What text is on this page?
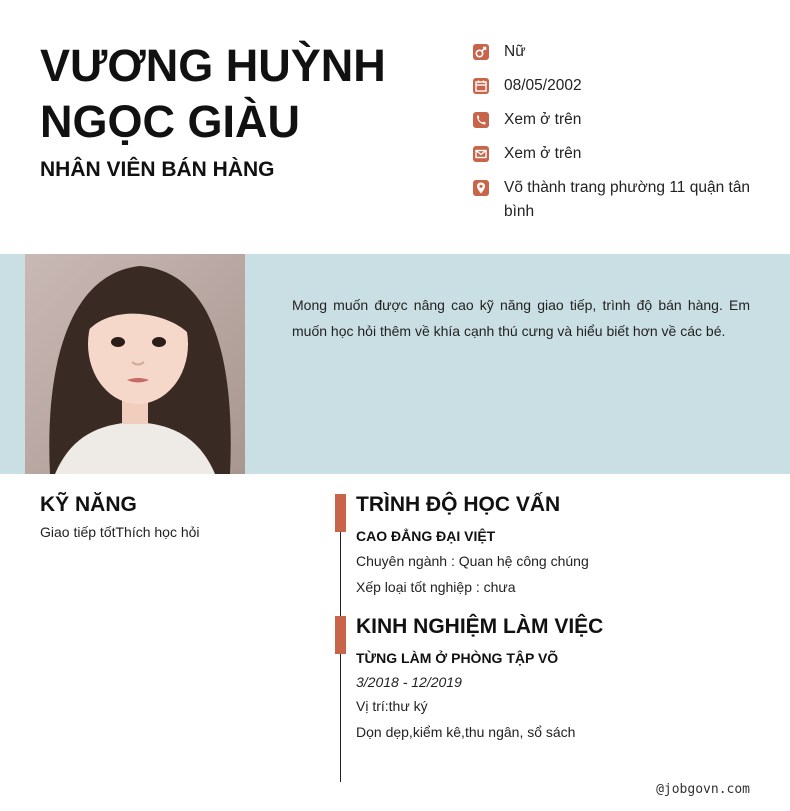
VƯƠNG HUỲNH
NGỌC GIÀU
NHÂN VIÊN BÁN HÀNG
Nữ
08/05/2002
Xem ở trên
Xem ở trên
Võ thành trang phường 11 quận tân bình

Mong muốn được nâng cao kỹ năng giao tiếp, trình độ bán hàng. Em muốn học hỏi thêm về khía cạnh thú cưng và hiểu biết hơn về các bé.

KỸ NĂNG
Giao tiếp tốtThích học hỏi
TRÌNH ĐỘ HỌC VẤN
CAO ĐẲNG ĐẠI VIỆT
Chuyên ngành : Quan hệ công chúng
Xếp loại tốt nghiệp : chưa
KINH NGHIỆM LÀM VIỆC
TỪNG LÀM Ở PHÒNG TẬP VÕ
3/2018 - 12/2019
Vị trí:thư ký
Dọn dẹp,kiểm kê,thu ngân, sổ sách
@jobgovn.com
